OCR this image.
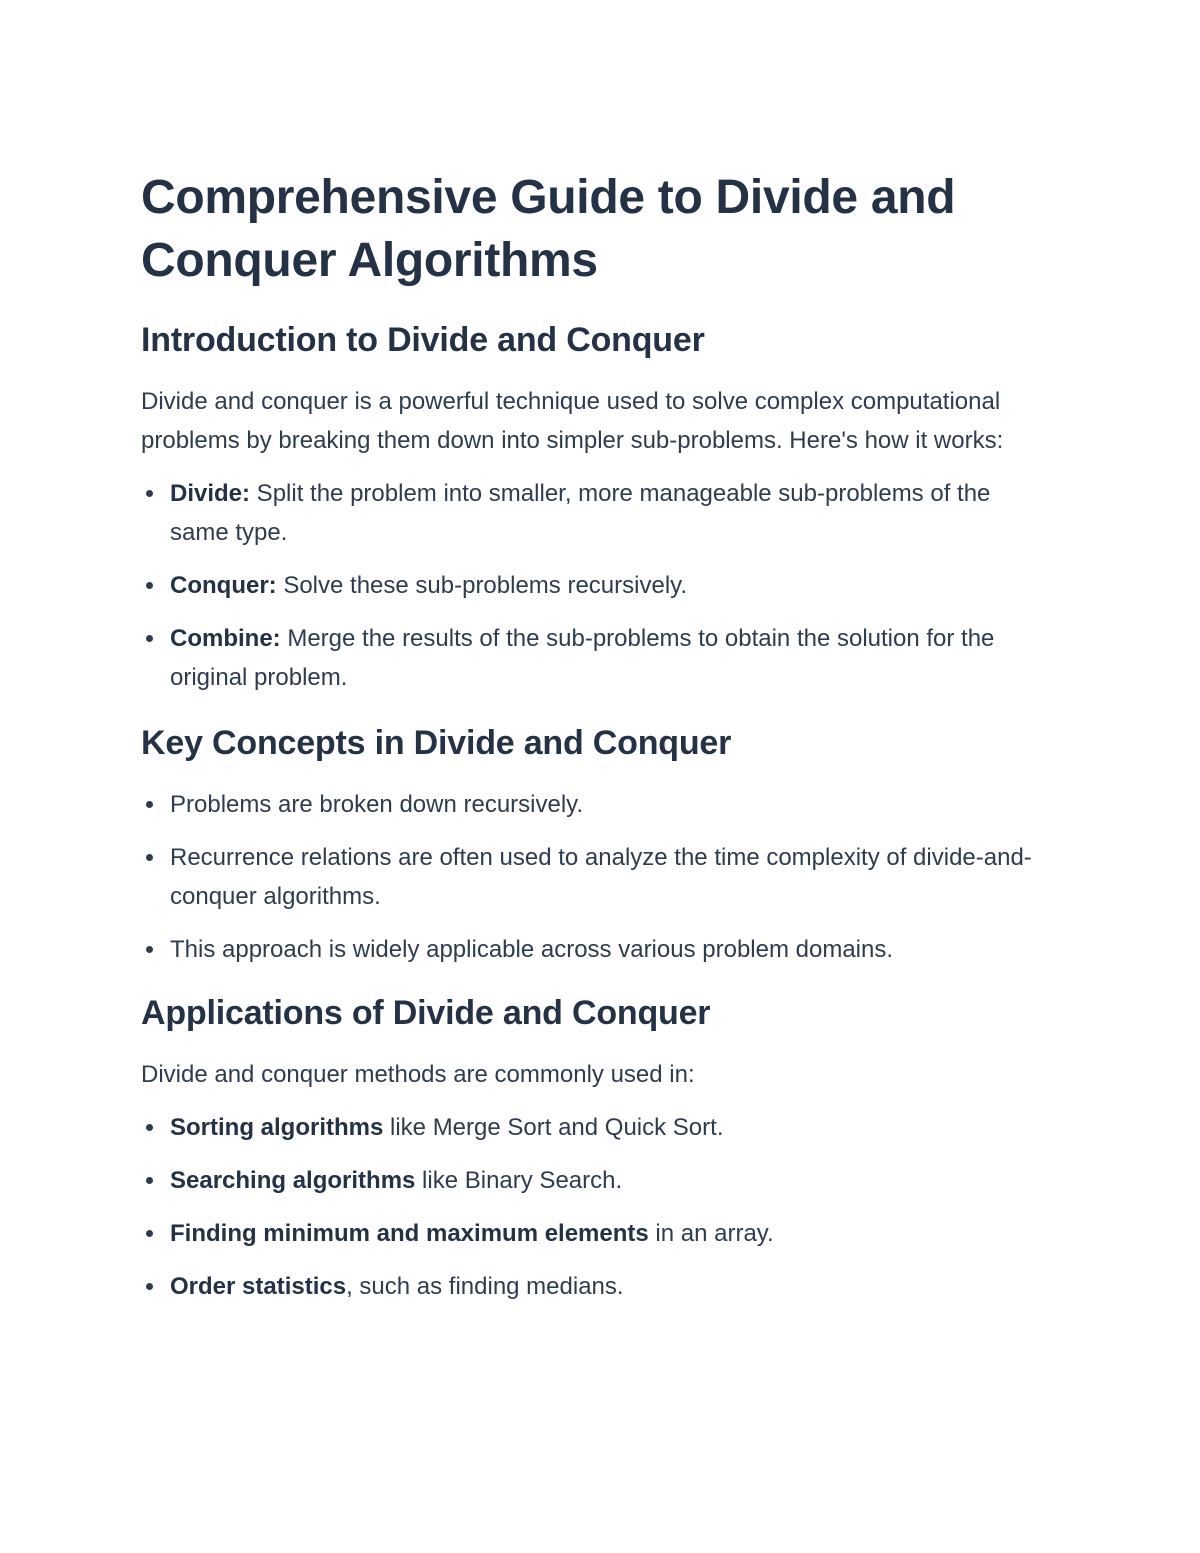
Comprehensive Guide to Divide and Conquer Algorithms
Introduction to Divide and Conquer

Divide and conquer is a powerful technique used to solve complex computational problems by breaking them down into simpler sub-problems. Here's how it works:

Divide: Split the problem into smaller, more manageable sub-problems of the same type.
Conquer: Solve these sub-problems recursively.
Combine: Merge the results of the sub-problems to obtain the solution for the original problem.
Key Concepts in Divide and Conquer
Problems are broken down recursively.
Recurrence relations are often used to analyze the time complexity of divide-and-conquer algorithms.
This approach is widely applicable across various problem domains.
Applications of Divide and Conquer

Divide and conquer methods are commonly used in:

Sorting algorithms like Merge Sort and Quick Sort.
Searching algorithms like Binary Search.
Finding minimum and maximum elements in an array.
Order statistics, such as finding medians.
